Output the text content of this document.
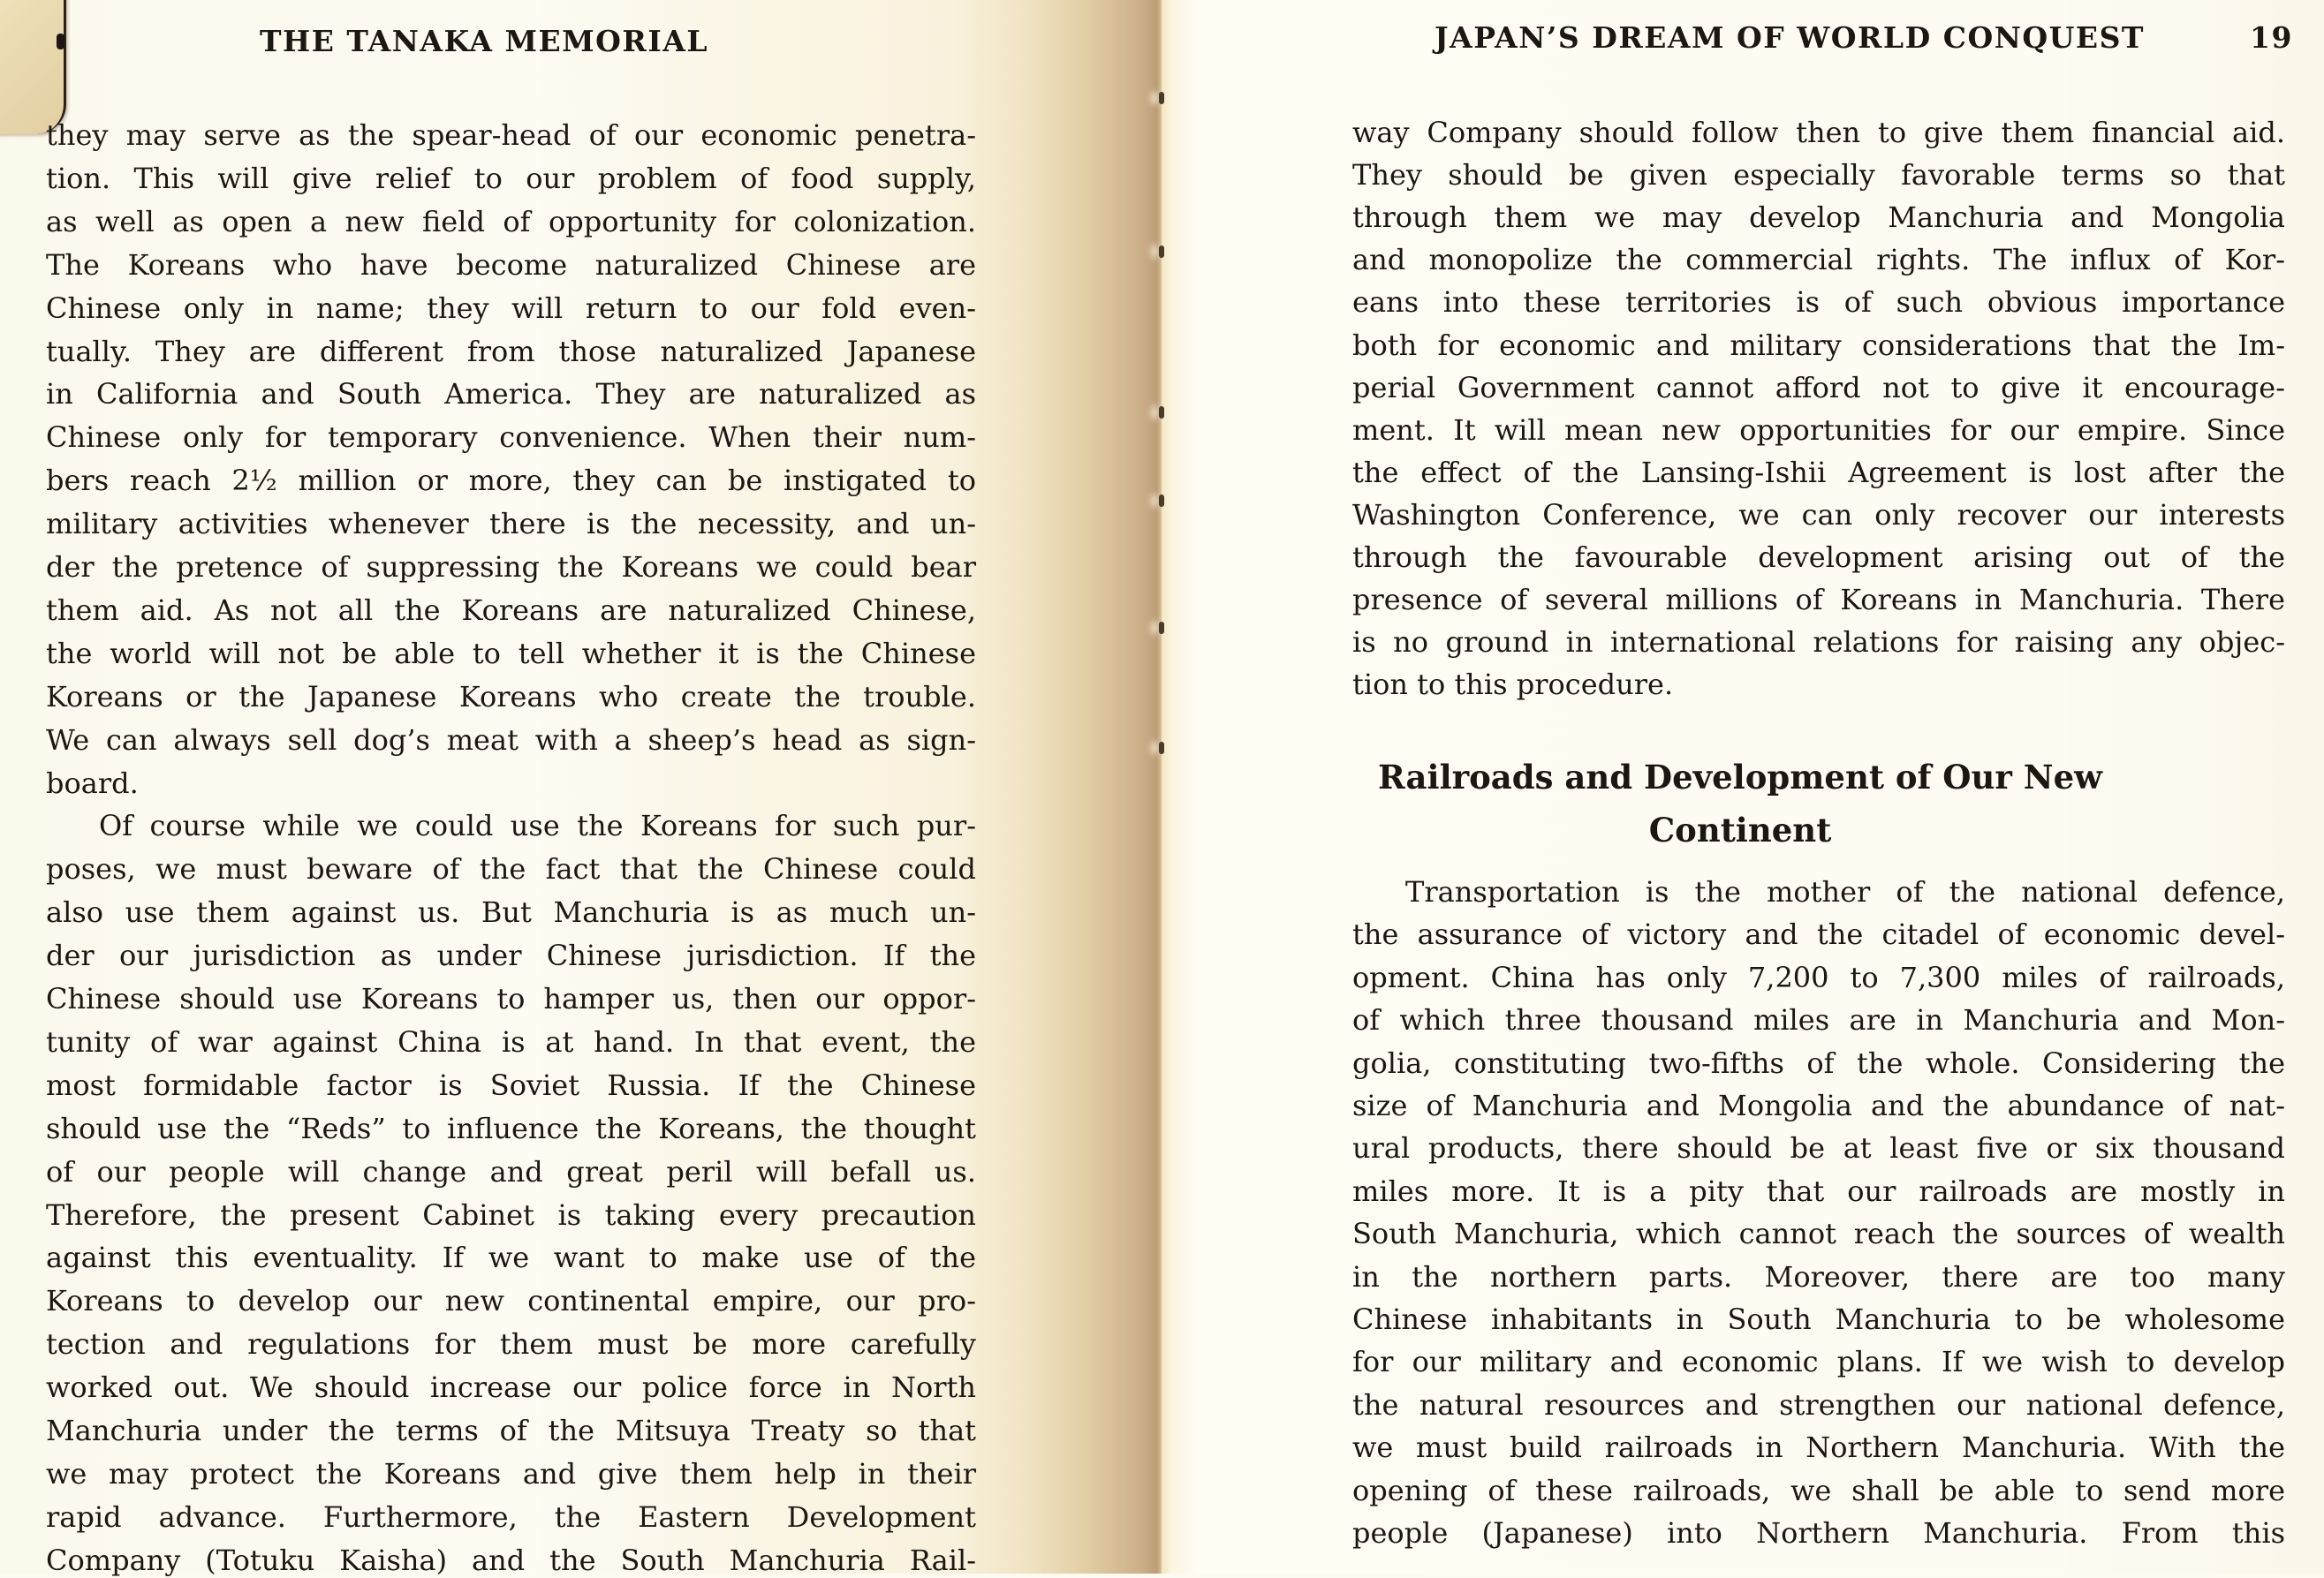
THE TANAKA MEMORIAL
they may serve as the spear-head of our economic penetra-
tion. This will give relief to our problem of food supply,
as well as open a new field of opportunity for colonization.
The Koreans who have become naturalized Chinese are
Chinese only in name; they will return to our fold even-
tually. They are different from those naturalized Japanese
in California and South America. They are naturalized as
Chinese only for temporary convenience. When their num-
bers reach 2½ million or more, they can be instigated to
military activities whenever there is the necessity, and un-
der the pretence of suppressing the Koreans we could bear
them aid. As not all the Koreans are naturalized Chinese,
the world will not be able to tell whether it is the Chinese
Koreans or the Japanese Koreans who create the trouble.
We can always sell dog’s meat with a sheep’s head as sign-
board.
Of course while we could use the Koreans for such pur-
poses, we must beware of the fact that the Chinese could
also use them against us. But Manchuria is as much un-
der our jurisdiction as under Chinese jurisdiction. If the
Chinese should use Koreans to hamper us, then our oppor-
tunity of war against China is at hand. In that event, the
most formidable factor is Soviet Russia. If the Chinese
should use the “Reds” to influence the Koreans, the thought
of our people will change and great peril will befall us.
Therefore, the present Cabinet is taking every precaution
against this eventuality. If we want to make use of the
Koreans to develop our new continental empire, our pro-
tection and regulations for them must be more carefully
worked out. We should increase our police force in North
Manchuria under the terms of the Mitsuya Treaty so that
we may protect the Koreans and give them help in their
rapid advance. Furthermore, the Eastern Development
Company (Totuku Kaisha) and the South Manchuria Rail-
JAPAN’S DREAM OF WORLD CONQUEST	19
way Company should follow then to give them financial aid.
They should be given especially favorable terms so that
through them we may develop Manchuria and Mongolia
and monopolize the commercial rights. The influx of Kor-
eans into these territories is of such obvious importance
both for economic and military considerations that the Im-
perial Government cannot afford not to give it encourage-
ment. It will mean new opportunities for our empire. Since
the effect of the Lansing-Ishii Agreement is lost after the
Washington Conference, we can only recover our interests
through the favourable development arising out of the
presence of several millions of Koreans in Manchuria. There
is no ground in international relations for raising any objec-
tion to this procedure.
Railroads and Development of Our New
Continent
Transportation is the mother of the national defence,
the assurance of victory and the citadel of economic devel-
opment. China has only 7,200 to 7,300 miles of railroads,
of which three thousand miles are in Manchuria and Mon-
golia, constituting two-fifths of the whole. Considering the
size of Manchuria and Mongolia and the abundance of nat-
ural products, there should be at least five or six thousand
miles more. It is a pity that our railroads are mostly in
South Manchuria, which cannot reach the sources of wealth
in the northern parts. Moreover, there are too many
Chinese inhabitants in South Manchuria to be wholesome
for our military and economic plans. If we wish to develop
the natural resources and strengthen our national defence,
we must build railroads in Northern Manchuria. With the
opening of these railroads, we shall be able to send more
people (Japanese) into Northern Manchuria. From this
